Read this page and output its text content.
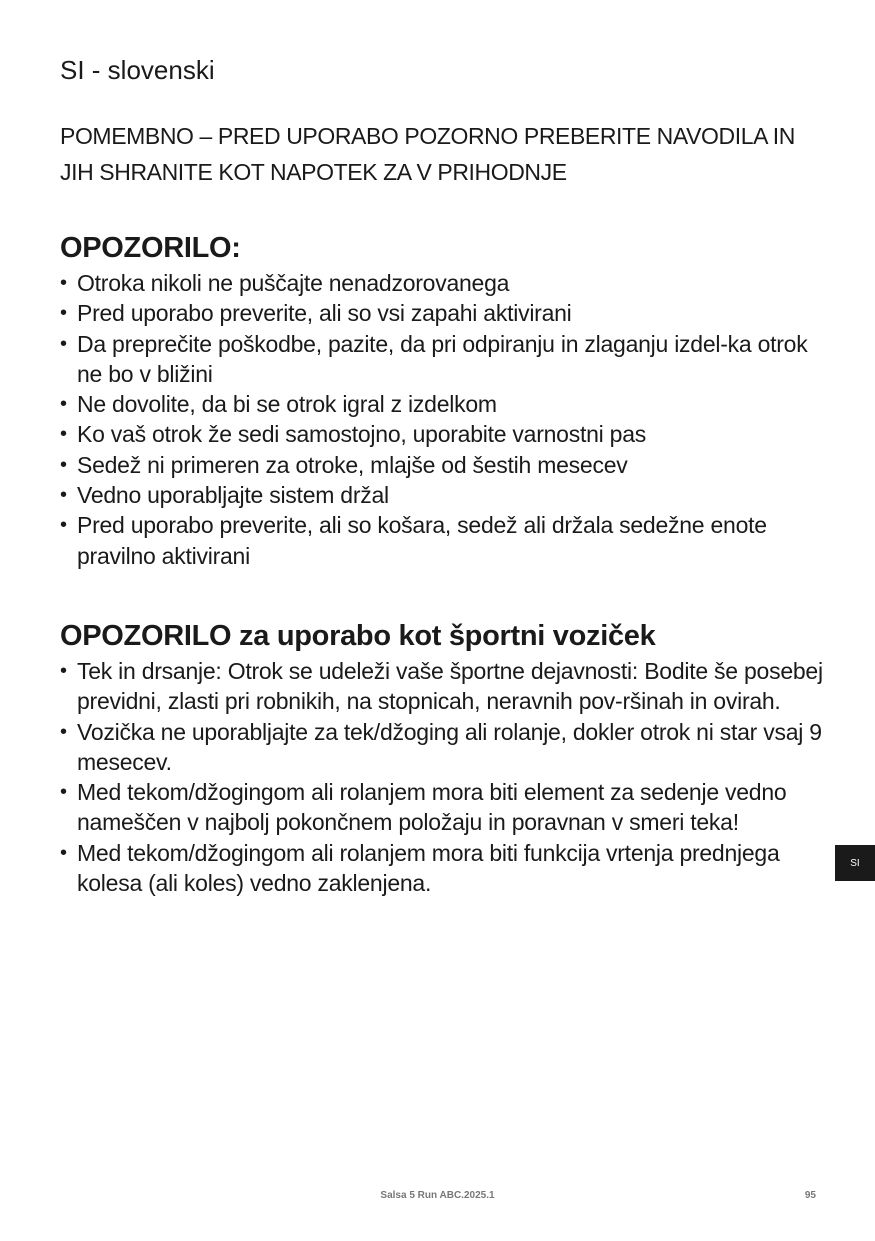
SI - slovenski

POMEMBNO – PRED UPORABO POZORNO PREBERITE NAVODILA IN JIH SHRANITE KOT NAPOTEK ZA V PRIHODNJE

OPOZORILO:
• Otroka nikoli ne puščajte nenadzorovanega
• Pred uporabo preverite, ali so vsi zapahi aktivirani
• Da preprečite poškodbe, pazite, da pri odpiranju in zlaganju izdel-ka otrok ne bo v bližini
• Ne dovolite, da bi se otrok igral z izdelkom
• Ko vaš otrok že sedi samostojno, uporabite varnostni pas
• Sedež ni primeren za otroke, mlajše od šestih mesecev
• Vedno uporabljajte sistem držal
• Pred uporabo preverite, ali so košara, sedež ali držala sedežne enote pravilno aktivirani
OPOZORILO za uporabo kot športni voziček
• Tek in drsanje: Otrok se udeleži vaše športne dejavnosti: Bodite še posebej previdni, zlasti pri robnikih, na stopnicah, neravnih pov-ršinah in ovirah.
• Vozička ne uporabljajte za tek/džoging ali rolanje, dokler otrok ni star vsaj 9 mesecev.
• Med tekom/džogingom ali rolanjem mora biti element za sedenje vedno nameščen v najbolj pokončnem položaju in poravnan v smeri teka!
• Med tekom/džogingom ali rolanjem mora biti funkcija vrtenja prednjega kolesa (ali koles) vedno zaklenjena.
SI
Salsa 5 Run ABC.2025.1	95
